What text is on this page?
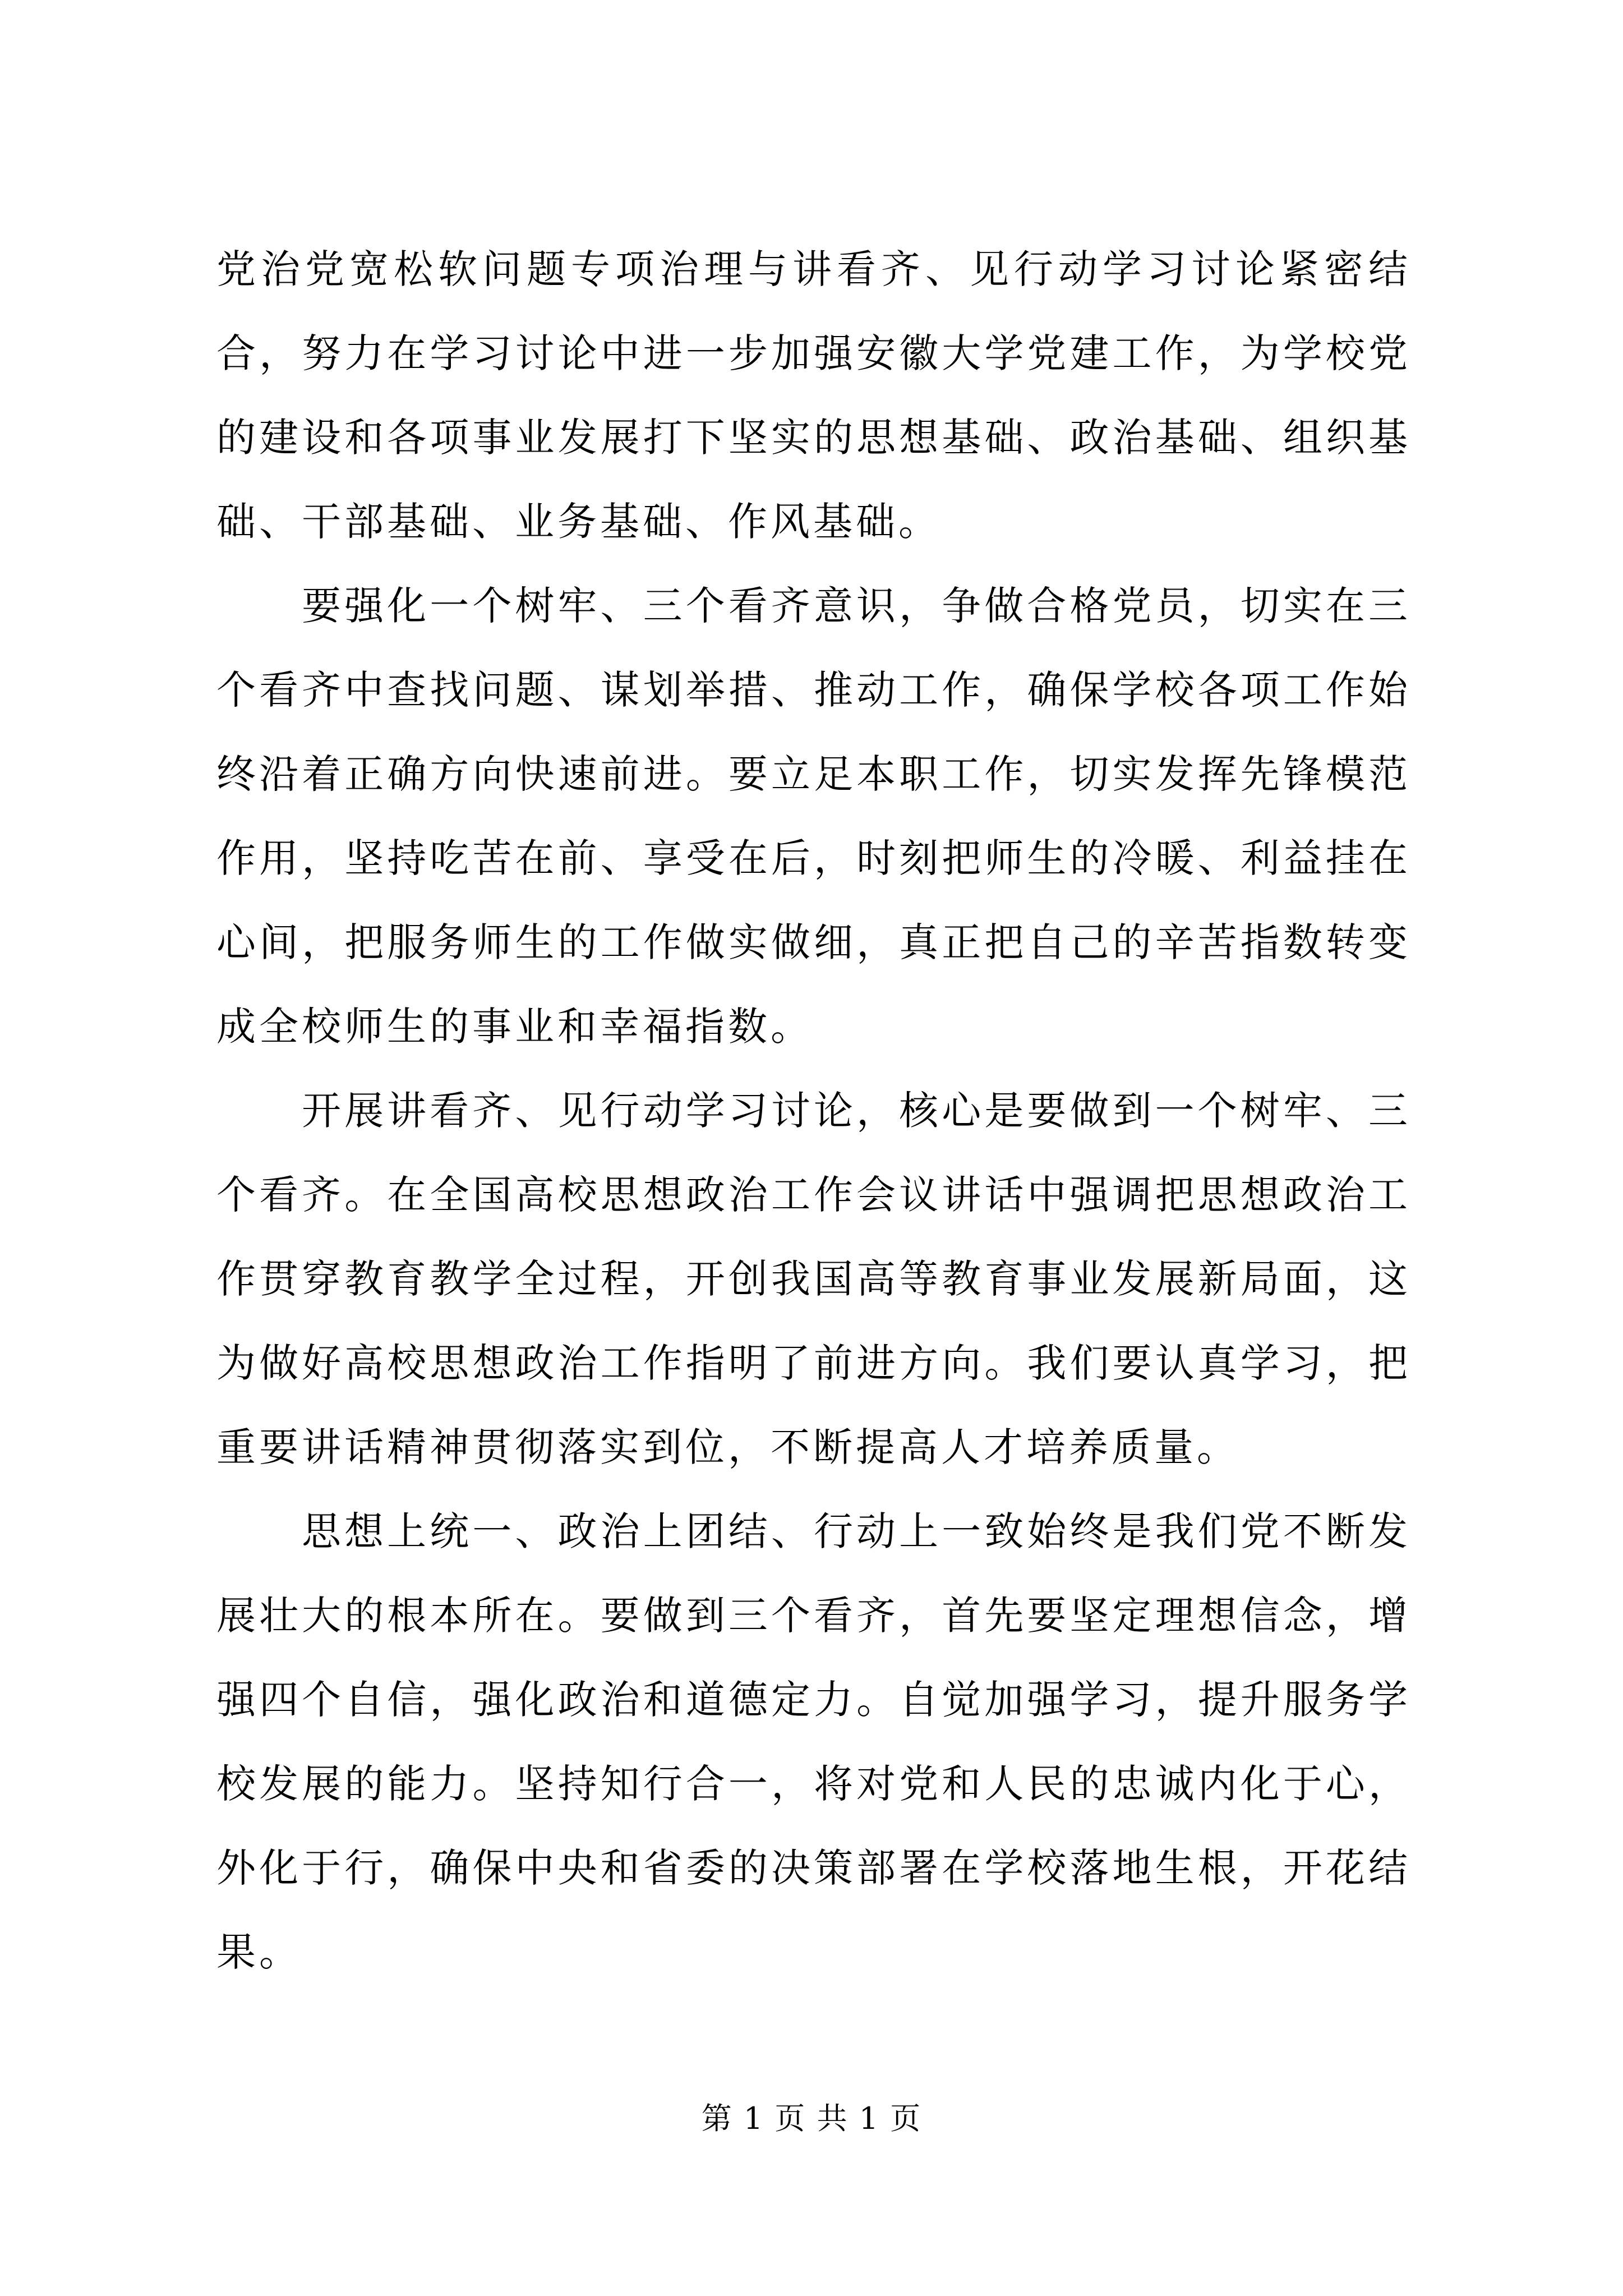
党治党宽松软问题专项治理与讲看齐、见行动学习讨论紧密结合，努力在学习讨论中进一步加强安徽大学党建工作，为学校党的建设和各项事业发展打下坚实的思想基础、政治基础、组织基础、干部基础、业务基础、作风基础。

要强化一个树牢、三个看齐意识，争做合格党员，切实在三个看齐中查找问题、谋划举措、推动工作，确保学校各项工作始终沿着正确方向快速前进。要立足本职工作，切实发挥先锋模范作用，坚持吃苦在前、享受在后，时刻把师生的冷暖、利益挂在心间，把服务师生的工作做实做细，真正把自己的辛苦指数转变成全校师生的事业和幸福指数。

开展讲看齐、见行动学习讨论，核心是要做到一个树牢、三个看齐。在全国高校思想政治工作会议讲话中强调把思想政治工作贯穿教育教学全过程，开创我国高等教育事业发展新局面，这为做好高校思想政治工作指明了前进方向。我们要认真学习，把重要讲话精神贯彻落实到位，不断提高人才培养质量。

思想上统一、政治上团结、行动上一致始终是我们党不断发展壮大的根本所在。要做到三个看齐，首先要坚定理想信念，增强四个自信，强化政治和道德定力。自觉加强学习，提升服务学校发展的能力。坚持知行合一，将对党和人民的忠诚内化于心，外化于行，确保中央和省委的决策部署在学校落地生根，开花结果。

第 1 页 共 1 页
